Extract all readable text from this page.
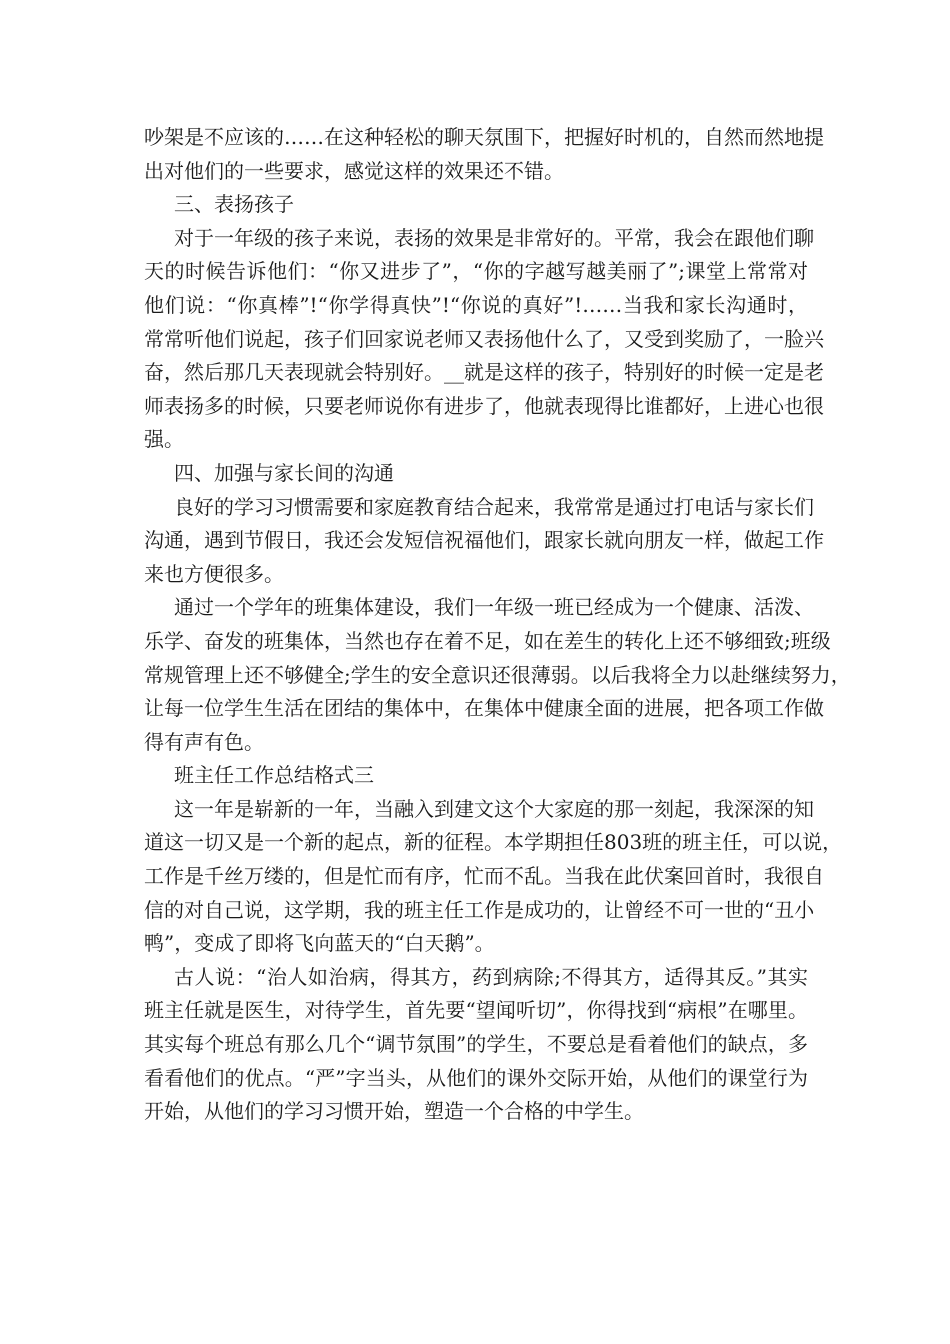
吵架是不应该的……在这种轻松的聊天氛围下，把握好时机的，自然而然地提
出对他们的一些要求，感觉这样的效果还不错。
三、表扬孩子
对于一年级的孩子来说，表扬的效果是非常好的。平常，我会在跟他们聊
天的时候告诉他们：“你又进步了”，“你的字越写越美丽了”;课堂上常常对
他们说：“你真棒”!“你学得真快”!“你说的真好”!……当我和家长沟通时，
常常听他们说起，孩子们回家说老师又表扬他什么了，又受到奖励了，一脸兴
奋，然后那几天表现就会特别好。__就是这样的孩子，特别好的时候一定是老
师表扬多的时候，只要老师说你有进步了，他就表现得比谁都好，上进心也很
强。
四、加强与家长间的沟通
良好的学习习惯需要和家庭教育结合起来，我常常是通过打电话与家长们
沟通，遇到节假日，我还会发短信祝福他们，跟家长就向朋友一样，做起工作
来也方便很多。
通过一个学年的班集体建设，我们一年级一班已经成为一个健康、活泼、
乐学、奋发的班集体，当然也存在着不足，如在差生的转化上还不够细致;班级
常规管理上还不够健全;学生的安全意识还很薄弱。以后我将全力以赴继续努力，
让每一位学生生活在团结的集体中，在集体中健康全面的进展，把各项工作做
得有声有色。
班主任工作总结格式三
这一年是崭新的一年，当融入到建文这个大家庭的那一刻起，我深深的知
道这一切又是一个新的起点，新的征程。本学期担任803班的班主任，可以说，
工作是千丝万缕的，但是忙而有序，忙而不乱。当我在此伏案回首时，我很自
信的对自己说，这学期，我的班主任工作是成功的，让曾经不可一世的“丑小
鸭”，变成了即将飞向蓝天的“白天鹅”。
古人说：“治人如治病，得其方，药到病除;不得其方，适得其反。”其实
班主任就是医生，对待学生，首先要“望闻听切”，你得找到“病根”在哪里。
其实每个班总有那么几个“调节氛围”的学生，不要总是看着他们的缺点，多
看看他们的优点。“严”字当头，从他们的课外交际开始，从他们的课堂行为
开始，从他们的学习习惯开始，塑造一个合格的中学生。
